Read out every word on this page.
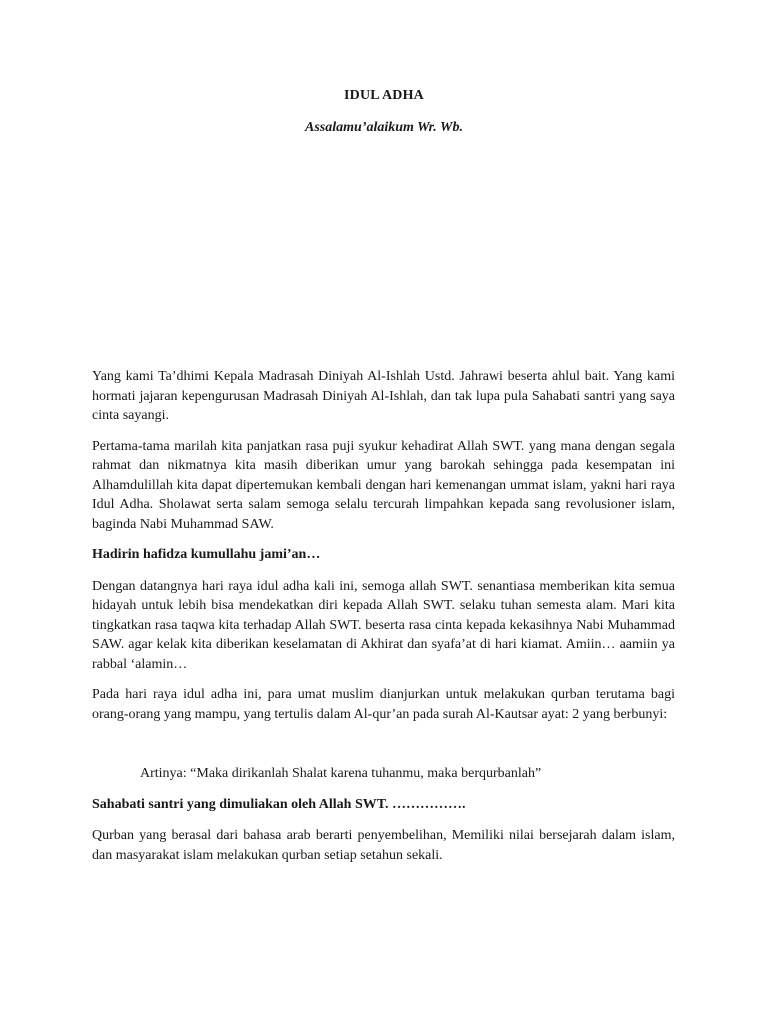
IDUL ADHA
Assalamu’alaikum Wr. Wb.

Yang kami Ta’dhimi Kepala Madrasah Diniyah Al-Ishlah Ustd. Jahrawi beserta ahlul bait. Yang kami hormati jajaran kepengurusan Madrasah Diniyah Al-Ishlah, dan tak lupa pula Sahabati santri yang saya cinta sayangi.

Pertama-tama marilah kita panjatkan rasa puji syukur kehadirat Allah SWT. yang mana dengan segala rahmat dan nikmatnya kita masih diberikan umur yang barokah sehingga pada kesempatan ini Alhamdulillah kita dapat dipertemukan kembali dengan hari kemenangan ummat islam, yakni hari raya Idul Adha. Sholawat serta salam semoga selalu tercurah limpahkan kepada sang revolusioner islam, baginda Nabi Muhammad SAW.

Hadirin hafidza kumullahu jami’an…

Dengan datangnya hari raya idul adha kali ini, semoga allah SWT. senantiasa memberikan kita semua hidayah untuk lebih bisa mendekatkan diri kepada Allah SWT. selaku tuhan semesta alam. Mari kita tingkatkan rasa taqwa kita terhadap Allah SWT. beserta rasa cinta kepada kekasihnya Nabi Muhammad SAW. agar kelak kita diberikan keselamatan di Akhirat dan syafa’at di hari kiamat. Amiin… aamiin ya rabbal ‘alamin…

Pada hari raya idul adha ini, para umat muslim dianjurkan untuk melakukan qurban terutama bagi orang-orang yang mampu, yang tertulis dalam Al-qur’an pada surah Al-Kautsar ayat: 2 yang berbunyi:

Artinya: “Maka dirikanlah Shalat karena tuhanmu, maka berqurbanlah”

Sahabati santri yang dimuliakan oleh Allah SWT. …………….

Qurban yang berasal dari bahasa arab berarti penyembelihan, Memiliki nilai bersejarah dalam islam, dan masyarakat islam melakukan qurban setiap setahun sekali.
